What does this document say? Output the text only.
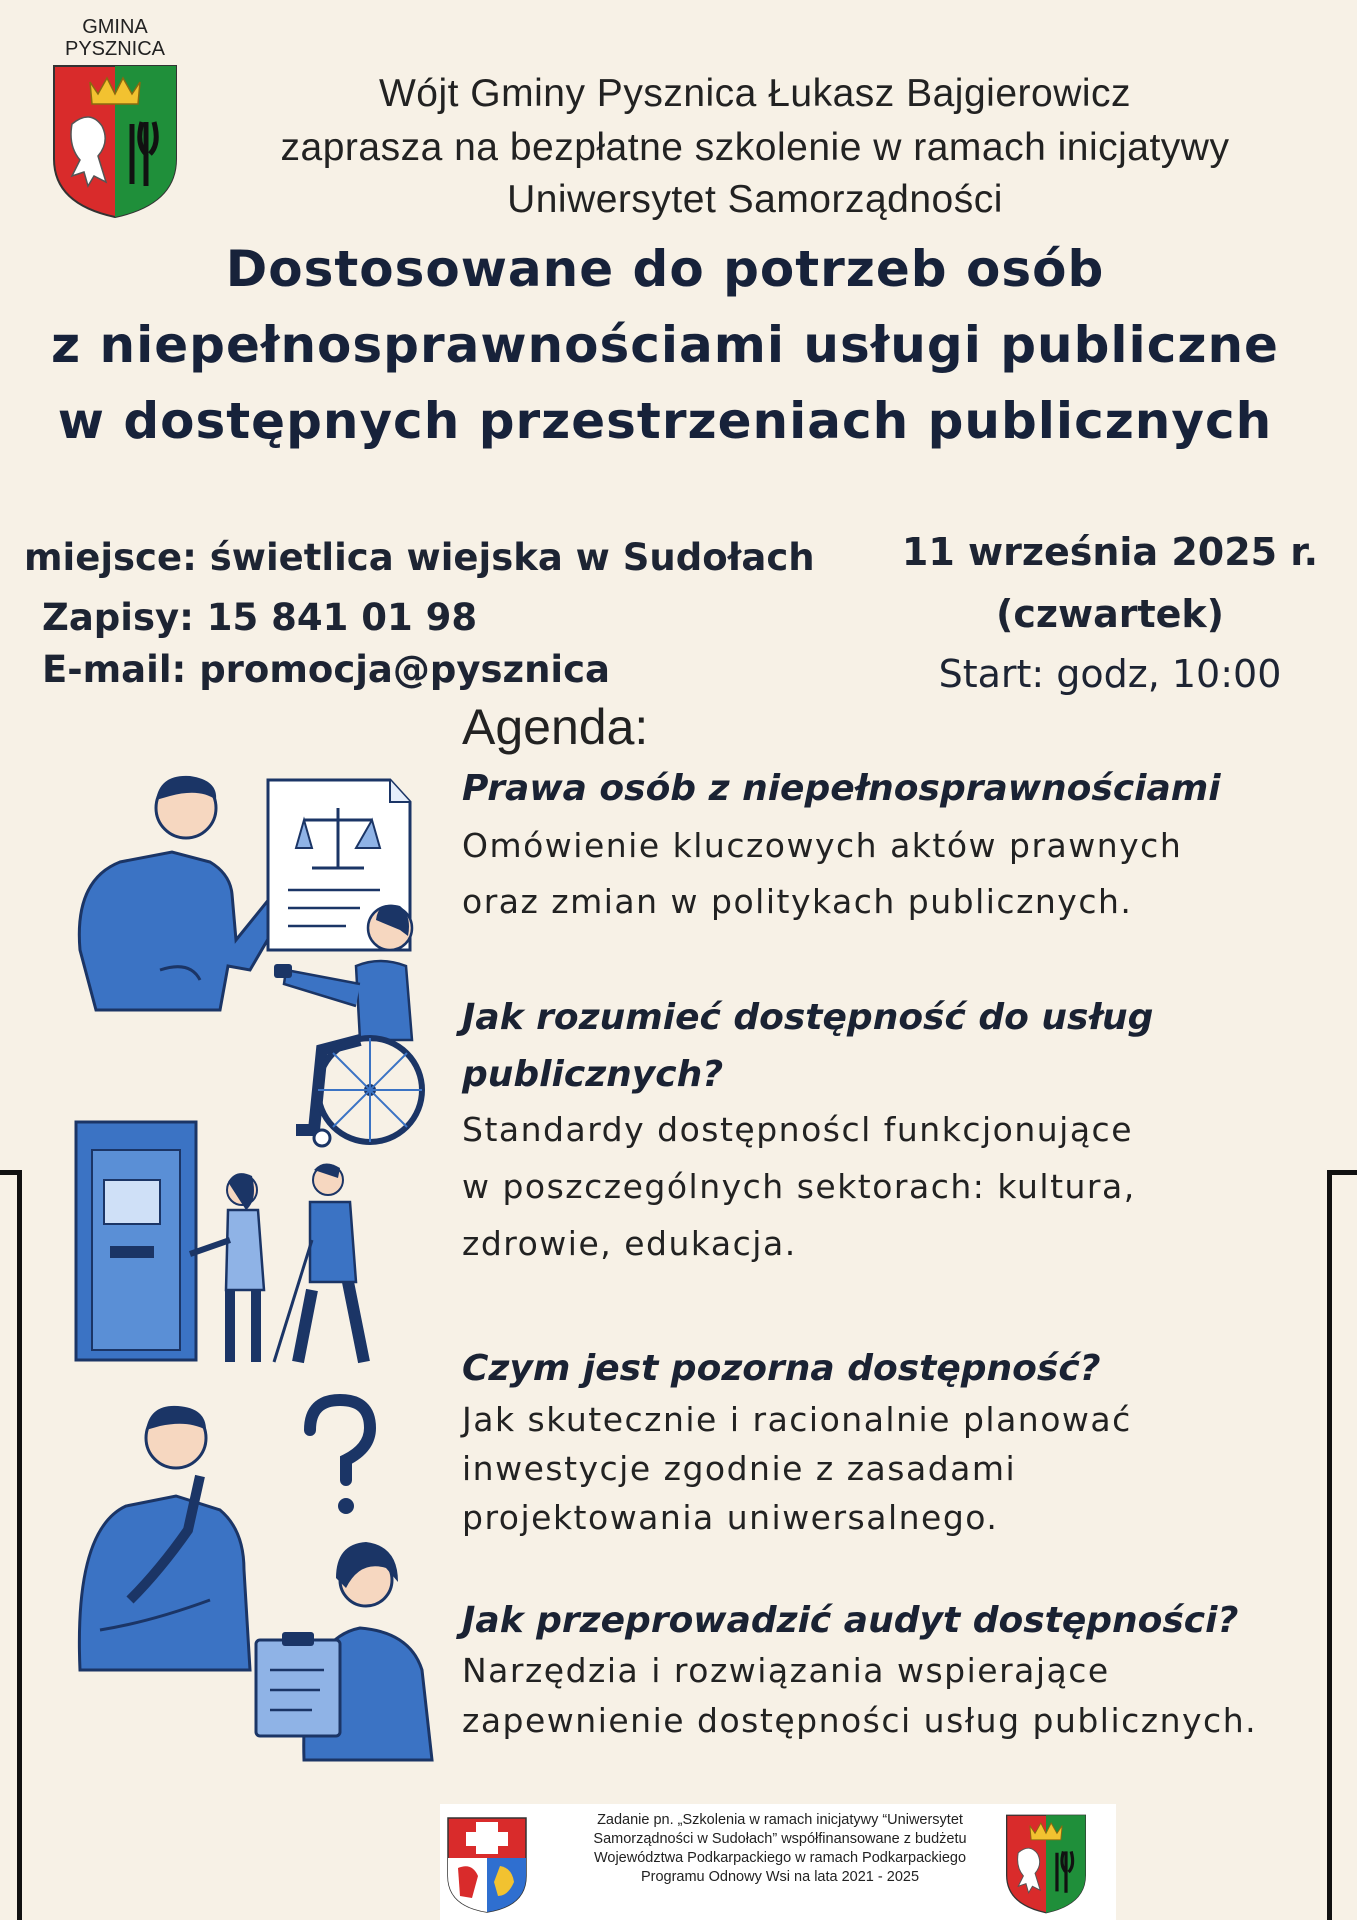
GMINA
PYSZNICA
Wójt Gminy Pysznica Łukasz Bajgierowicz
zaprasza na bezpłatne szkolenie w ramach inicjatywy
Uniwersytet Samorządności
Dostosowane do potrzeb osób
z niepełnosprawnościami usługi publiczne
w dostępnych przestrzeniach publicznych
miejsce: świetlica wiejska w Sudołach
Zapisy: 15 841 01 98
E-mail: promocja@pysznica
11 września 2025 r.
(czwartek)
Start: godz, 10:00
Agenda:
Prawa osób z niepełnosprawnościami
Omówienie kluczowych aktów prawnych
oraz zmian w politykach publicznych.
Jak rozumieć dostępność do usług
publicznych?
Standardy dostępnoścl funkcjonujące
w poszczególnych sektorach: kultura,
zdrowie, edukacja.
Czym jest pozorna dostępność?
Jak skutecznie i racionalnie planować
inwestycje zgodnie z zasadami
projektowania uniwersalnego.
Jak przeprowadzić audyt dostępności?
Narzędzia i rozwiązania wspierające
zapewnienie dostępności usług publicznych.
Zadanie pn. „Szkolenia w ramach inicjatywy “Uniwersytet
Samorządności w Sudołach” współfinansowane z budżetu
Województwa Podkarpackiego w ramach Podkarpackiego
Programu Odnowy Wsi na lata 2021 - 2025
